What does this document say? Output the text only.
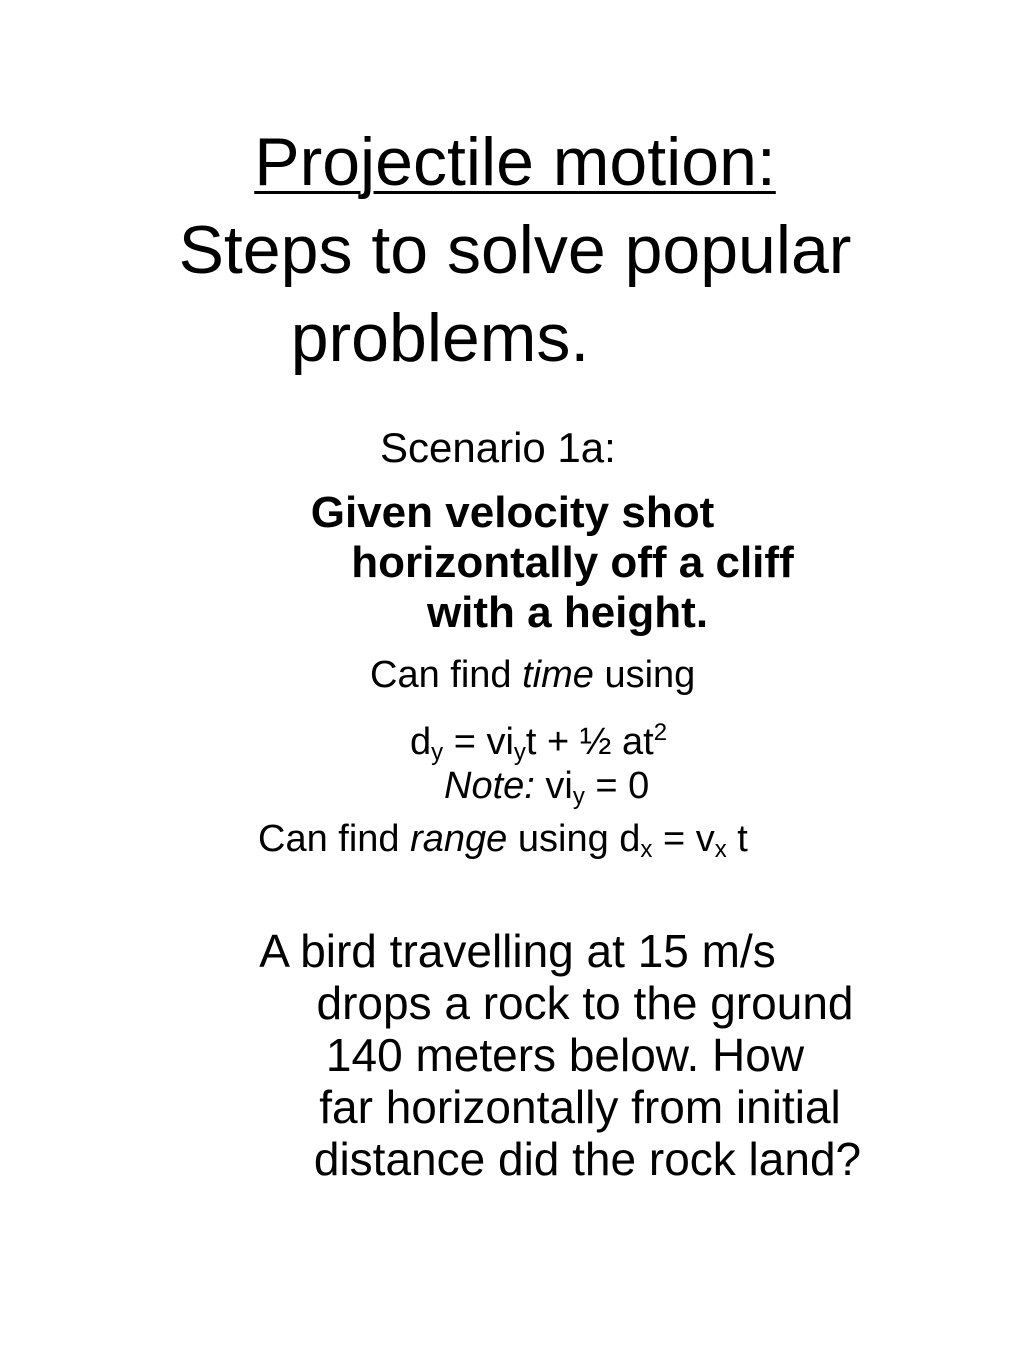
Projectile motion:
Steps to solve popular
problems.
Scenario 1a:
Given velocity shot
horizontally off a cliff
with a height.
Can find time using
$d_y = vi_yt$ + ½ $at^2$
Note: $vi_y = 0$
Can find range using $d_x = v_x$ t
A bird travelling at 15 m/s
drops a rock to the ground
140 meters below. How
far horizontally from initial
distance did the rock land?
